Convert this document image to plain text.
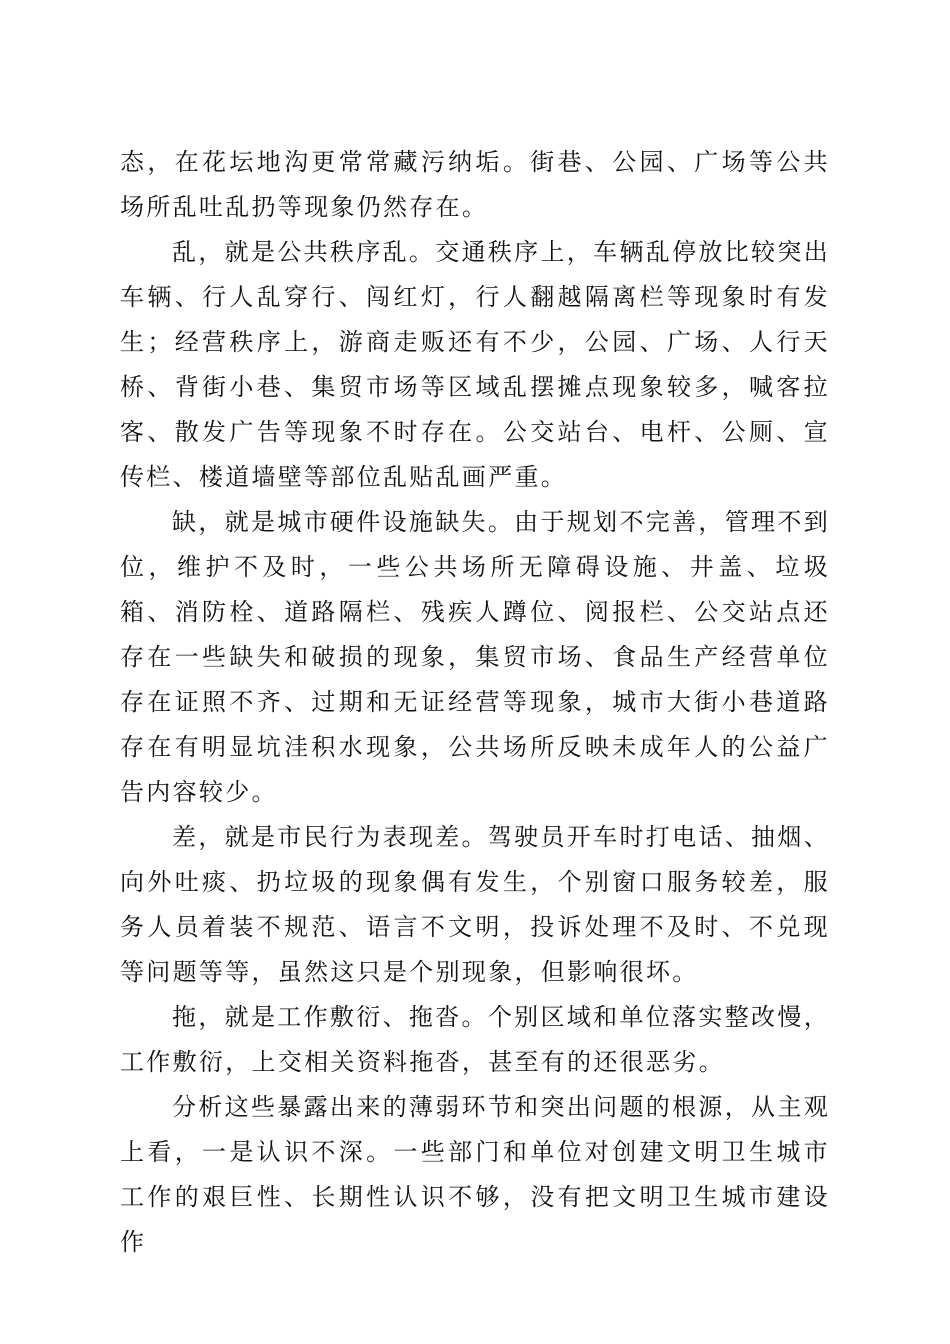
态，在花坛地沟更常常藏污纳垢。街巷、公园、广场等公共场所乱吐乱扔等现象仍然存在。

乱，就是公共秩序乱。交通秩序上，车辆乱停放比较突出车辆、行人乱穿行、闯红灯，行人翻越隔离栏等现象时有发生；经营秩序上，游商走贩还有不少，公园、广场、人行天桥、背街小巷、集贸市场等区域乱摆摊点现象较多，喊客拉客、散发广告等现象不时存在。公交站台、电杆、公厕、宣传栏、楼道墙壁等部位乱贴乱画严重。

缺，就是城市硬件设施缺失。由于规划不完善，管理不到位，维护不及时，一些公共场所无障碍设施、井盖、垃圾箱、消防栓、道路隔栏、残疾人蹲位、阅报栏、公交站点还存在一些缺失和破损的现象，集贸市场、食品生产经营单位存在证照不齐、过期和无证经营等现象，城市大街小巷道路存在有明显坑洼积水现象，公共场所反映未成年人的公益广告内容较少。

差，就是市民行为表现差。驾驶员开车时打电话、抽烟、向外吐痰、扔垃圾的现象偶有发生，个别窗口服务较差，服务人员着装不规范、语言不文明，投诉处理不及时、不兑现等问题等等，虽然这只是个别现象，但影响很坏。

拖，就是工作敷衍、拖沓。个别区域和单位落实整改慢，工作敷衍，上交相关资料拖沓，甚至有的还很恶劣。

分析这些暴露出来的薄弱环节和突出问题的根源，从主观上看，一是认识不深。一些部门和单位对创建文明卫生城市工作的艰巨性、长期性认识不够，没有把文明卫生城市建设作
